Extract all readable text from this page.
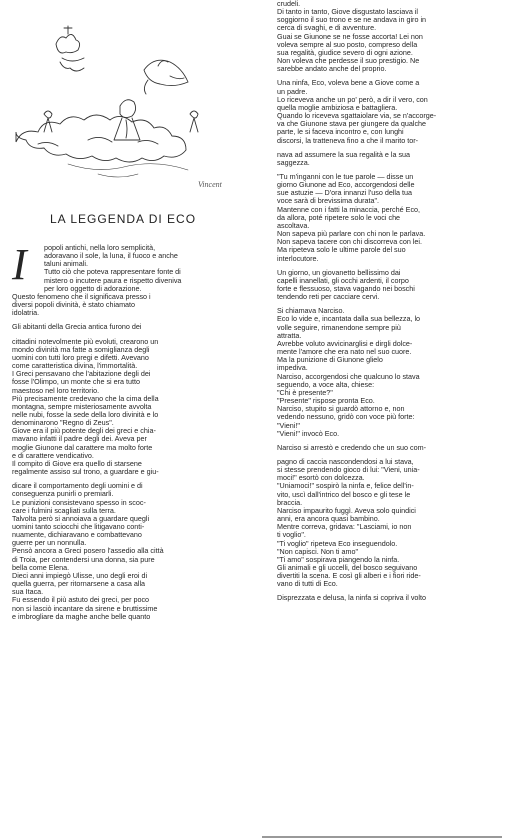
Vincent
LA LEGGENDA DI ECO
I	popoli antichi, nella loro semplicità,
adoravano il sole, la luna, il fuoco e anche
taluni animali.
Tutto ciò che poteva rappresentare fonte di
mistero o incutere paura e rispetto diveniva
per loro oggetto di adorazione.
Questo fenomeno che il significava presso i
diversi popoli divinità, è stato chiamato
idolatria.
Gli abitanti della Grecia antica furono dei
cittadini notevolmente più evoluti, crearono un
mondo divinità ma fatte a somiglianza degli
uomini con tutti loro pregi e difetti. Avevano
come caratteristica divina, l'immortalità.
I Greci pensavano che l'abitazione degli dei
fosse l'Olimpo, un monte che si era tutto
maestoso nel loro territorio.
Più precisamente credevano che la cima della
montagna, sempre misteriosamente avvolta
nelle nubi, fosse la sede della loro divinità e lo
denominarono "Regno di Zeus".
Giove era il più potente degli dei greci e chia-
mavano infatti il padre degli dei. Aveva per
moglie Giunone dal carattere ma molto forte
e di carattere vendicativo.
Il compito di Giove era quello di starsene
regalmente assiso sul trono, a guardare e giu-
dicare il comportamento degli uomini e di
conseguenza punirli o premiarli.
Le punizioni consistevano spesso in scoc-
care i fulmini scagliati sulla terra.
Talvolta però si annoiava a guardare quegli
uomini tanto sciocchi che litigavano conti-
nuamente, dichiaravano e combattevano
guerre per un nonnulla.
Pensò ancora a Greci posero l'assedio alla città
di Troia, per contendersi una donna, sia pure
bella come Elena.
Dieci anni impiegò Ulisse, uno degli eroi di
quella guerra, per ritornarsene a casa alla
sua Itaca.
Fu essendo il più astuto dei greci, per poco
non si lasciò incantare da sirene e bruttissime
e imbrogliare da maghe anche belle quanto
crudeli.
Di tanto in tanto, Giove disgustato lasciava il
soggiorno il suo trono e se ne andava in giro in
cerca di svaghi, e di avventure.
Guai se Giunone se ne fosse accorta! Lei non
voleva sempre al suo posto, compreso della
sua regalità, giudice severo di ogni azione.
Non voleva che perdesse il suo prestigio. Ne
sarebbe andato anche del proprio.
Una ninfa, Eco, voleva bene a Giove come a
un padre.
Lo riceveva anche un po' però, a dir il vero, con
quella moglie ambiziosa e battagliera.
Quando lo riceveva sgattaiolare via, se n'accorge-
va che Giunone stava per giungere da qualche
parte, le si faceva incontro e, con lunghi
discorsi, la tratteneva fino a che il marito tor-
nava ad assumere la sua regalità e la sua
saggezza.
"Tu m'inganni con le tue parole — disse un
giorno Giunone ad Eco, accorgendosi delle
sue astuzie — D'ora innanzi l'uso della tua
voce sarà di brevissima durata".
Mantenne con i fatti la minaccia, perché Eco,
da allora, poté ripetere solo le voci che
ascoltava.
Non sapeva più parlare con chi non le parlava.
Non sapeva tacere con chi discorreva con lei.
Ma ripeteva solo le ultime parole del suo
interlocutore.
Un giorno, un giovanetto bellissimo dai
capelli inanellati, gli occhi ardenti, il corpo
forte e flessuoso, stava vagando nei boschi
tendendo reti per cacciare cervi.
Si chiamava Narciso.
Eco lo vide e, incantata dalla sua bellezza, lo
volle seguire, rimanendone sempre più
attratta.
Avrebbe voluto avvicinarglisi e dirgli dolce-
mente l'amore che era nato nel suo cuore.
Ma la punizione di Giunone glielo
impediva.
Narciso, accorgendosi che qualcuno lo stava
seguendo, a voce alta, chiese:
"Chi è presente?"
"Presente" rispose pronta Eco.
Narciso, stupito si guardò attorno e, non
vedendo nessuno, gridò con voce più forte:
"Vieni!"
"Vieni!" invocò Eco.
Narciso si arrestò e credendo che un suo com-
pagno di caccia nascondendosi a lui stava,
si stesse prendendo gioco di lui: "Vieni, unia-
moci!" esortò con dolcezza.
"Uniamoci!" sospirò la ninfa e, felice dell'in-
vito, uscì dall'intrico del bosco e gli tese le
braccia.
Narciso impaurito fuggì. Aveva solo quindici
anni, era ancora quasi bambino.
Mentre correva, gridava: "Lasciami, io non
ti voglio".
"Ti voglio" ripeteva Eco inseguendolo.
"Non capisci. Non ti amo"
"Ti amo" sospirava piangendo la ninfa.
Gli animali e gli uccelli, del bosco seguivano
divertiti la scena. E così gli alberi e i fiori ride-
vano di tutti di Eco.
Disprezzata e delusa, la ninfa si copriva il volto
